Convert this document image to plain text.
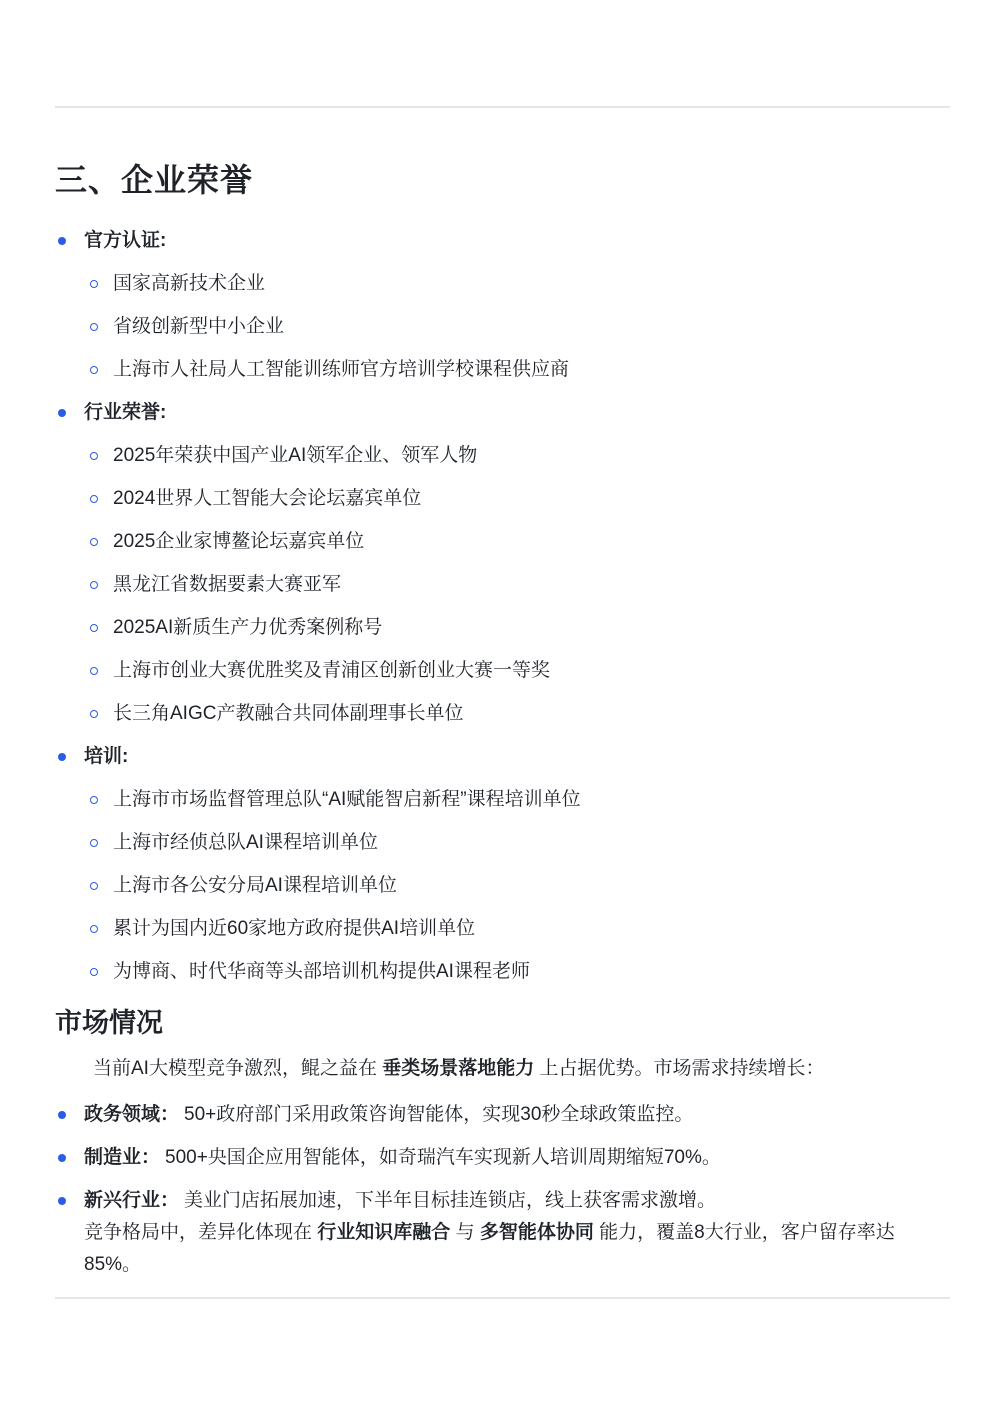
三、企业荣誉
官方认证:
国家高新技术企业
省级创新型中小企业
上海市人社局人工智能训练师官方培训学校课程供应商
行业荣誉:
2025年荣获中国产业AI领军企业、领军人物
2024世界人工智能大会论坛嘉宾单位
2025企业家博鳌论坛嘉宾单位
黑龙江省数据要素大赛亚军
2025AI新质生产力优秀案例称号
上海市创业大赛优胜奖及青浦区创新创业大赛一等奖
长三角AIGC产教融合共同体副理事长单位
培训:
上海市市场监督管理总队“AI赋能智启新程”课程培训单位
上海市经侦总队AI课程培训单位
上海市各公安分局AI课程培训单位
累计为国内近60家地方政府提供AI培训单位
为博商、时代华商等头部培训机构提供AI课程老师
市场情况

当前AI大模型竞争激烈，鲲之益在 垂类场景落地能力 上占据优势。市场需求持续增长：

政务领域： 50+政府部门采用政策咨询智能体，实现30秒全球政策监控。
制造业： 500+央国企应用智能体，如奇瑞汽车实现新人培训周期缩短70%。
新兴行业： 美业门店拓展加速，下半年目标挂连锁店，线上获客需求激增。
竞争格局中，差异化体现在 行业知识库融合 与 多智能体协同 能力，覆盖8大行业，客户留存率达 85%。
